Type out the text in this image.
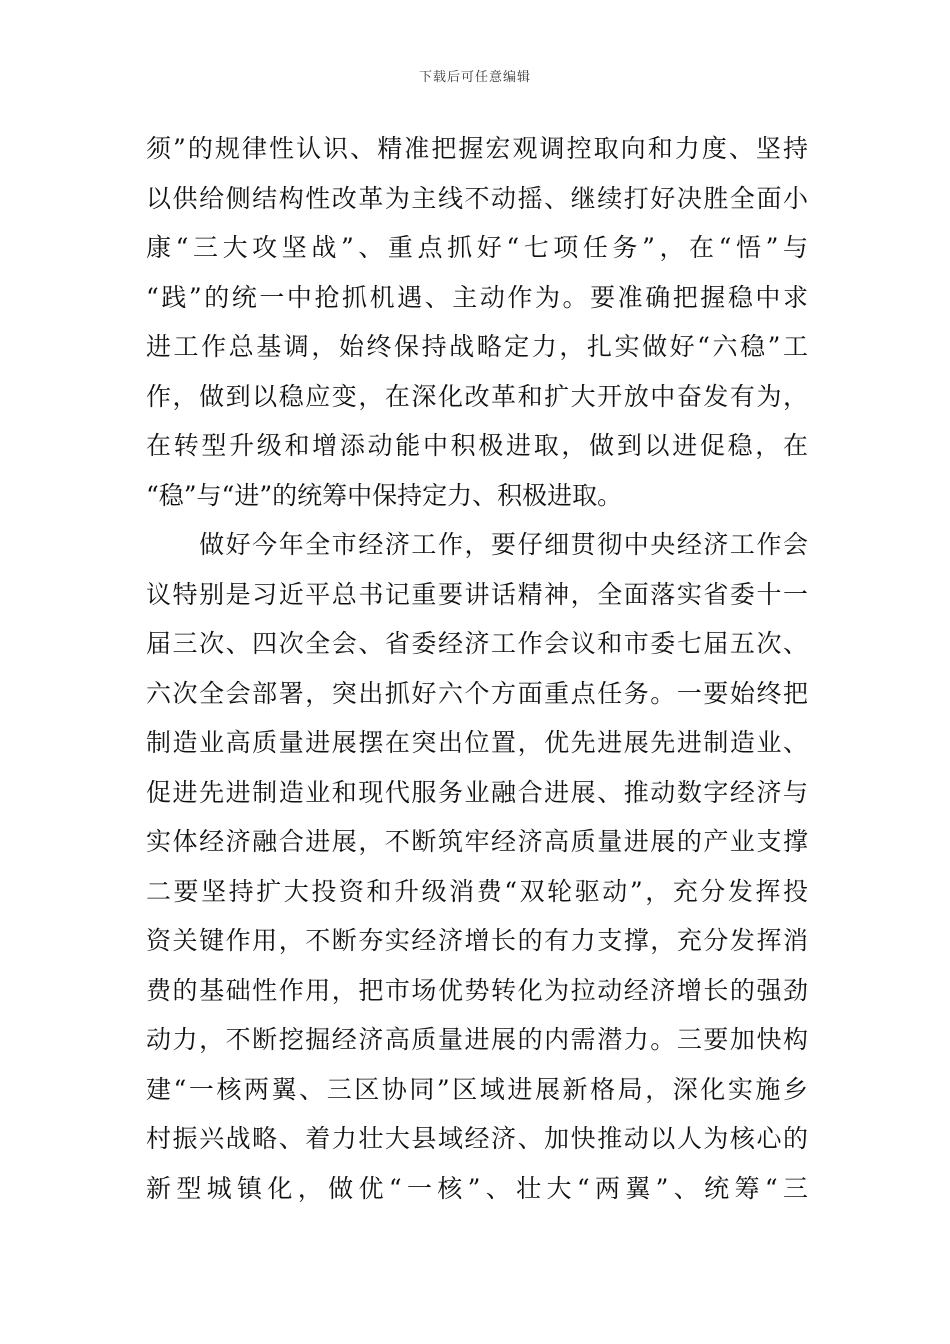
下载后可任意编辑
须”的规律性认识、精准把握宏观调控取向和力度、坚持
以供给侧结构性改革为主线不动摇、继续打好决胜全面小
康“三大攻坚战”、重点抓好“七项任务”，在“悟”与
“践”的统一中抢抓机遇、主动作为。要准确把握稳中求
进工作总基调，始终保持战略定力，扎实做好“六稳”工
作，做到以稳应变，在深化改革和扩大开放中奋发有为，
在转型升级和增添动能中积极进取，做到以进促稳，在
“稳”与“进”的统筹中保持定力、积极进取。
　　做好今年全市经济工作，要仔细贯彻中央经济工作会
议特别是习近平总书记重要讲话精神，全面落实省委十一
届三次、四次全会、省委经济工作会议和市委七届五次、
六次全会部署，突出抓好六个方面重点任务。一要始终把
制造业高质量进展摆在突出位置，优先进展先进制造业、
促进先进制造业和现代服务业融合进展、推动数字经济与
实体经济融合进展，不断筑牢经济高质量进展的产业支撑
二要坚持扩大投资和升级消费“双轮驱动”，充分发挥投
资关键作用，不断夯实经济增长的有力支撑，充分发挥消
费的基础性作用，把市场优势转化为拉动经济增长的强劲
动力，不断挖掘经济高质量进展的内需潜力。三要加快构
建“一核两翼、三区协同”区域进展新格局，深化实施乡
村振兴战略、着力壮大县域经济、加快推动以人为核心的
新型城镇化，做优“一核”、壮大“两翼”、统筹“三
